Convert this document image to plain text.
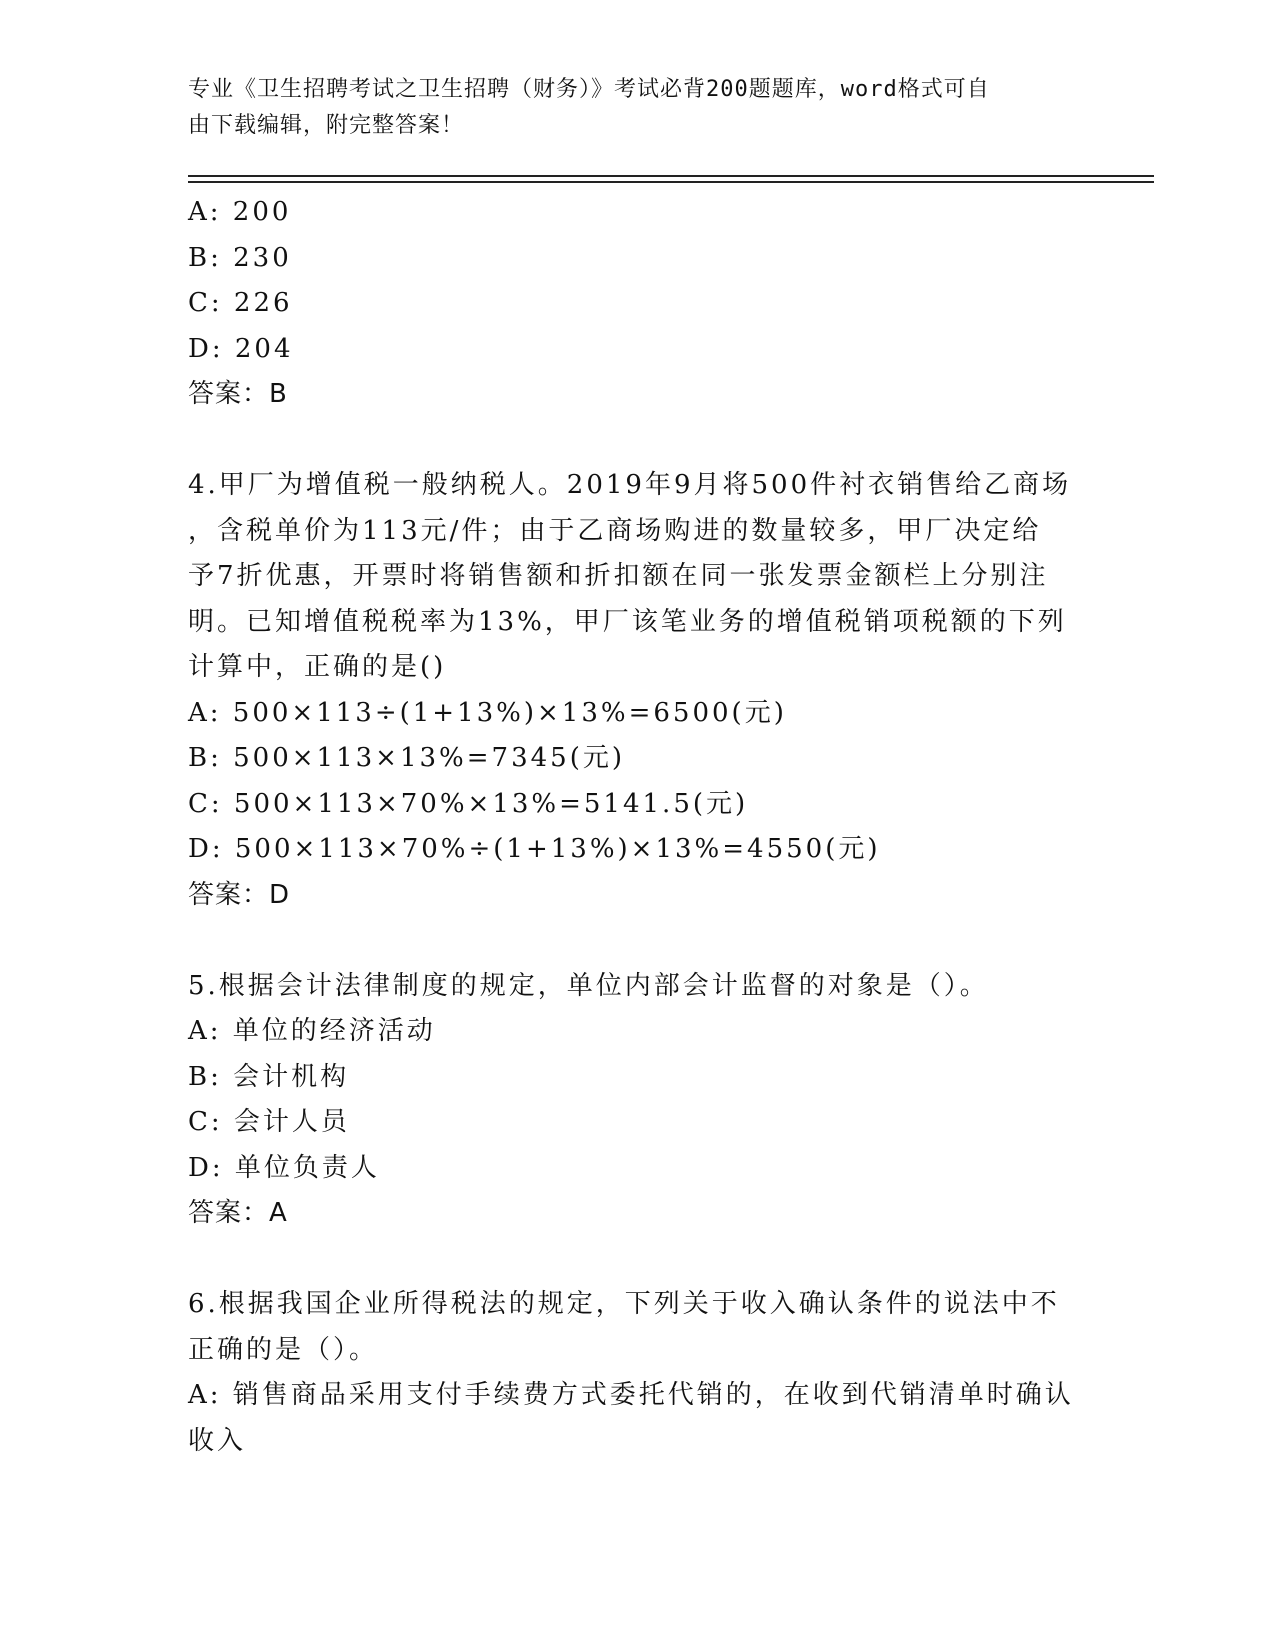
专业《卫生招聘考试之卫生招聘（财务）》考试必背200题题库，word格式可自
由下载编辑，附完整答案！
A: 200
B: 230
C: 226
D: 204
答案：B
4.甲厂为增值税一般纳税人。2019年9月将500件衬衣销售给乙商场
，含税单价为113元/件；由于乙商场购进的数量较多，甲厂决定给
予7折优惠，开票时将销售额和折扣额在同一张发票金额栏上分别注
明。已知增值税税率为13%，甲厂该笔业务的增值税销项税额的下列
计算中，正确的是()
A: 500×113÷(1+13%)×13%=6500(元)
B: 500×113×13%=7345(元)
C: 500×113×70%×13%=5141.5(元)
D: 500×113×70%÷(1+13%)×13%=4550(元)
答案：D
5.根据会计法律制度的规定，单位内部会计监督的对象是（）。
A: 单位的经济活动
B: 会计机构
C: 会计人员
D: 单位负责人
答案：A
6.根据我国企业所得税法的规定，下列关于收入确认条件的说法中不
正确的是（）。
A: 销售商品采用支付手续费方式委托代销的，在收到代销清单时确认
收入
